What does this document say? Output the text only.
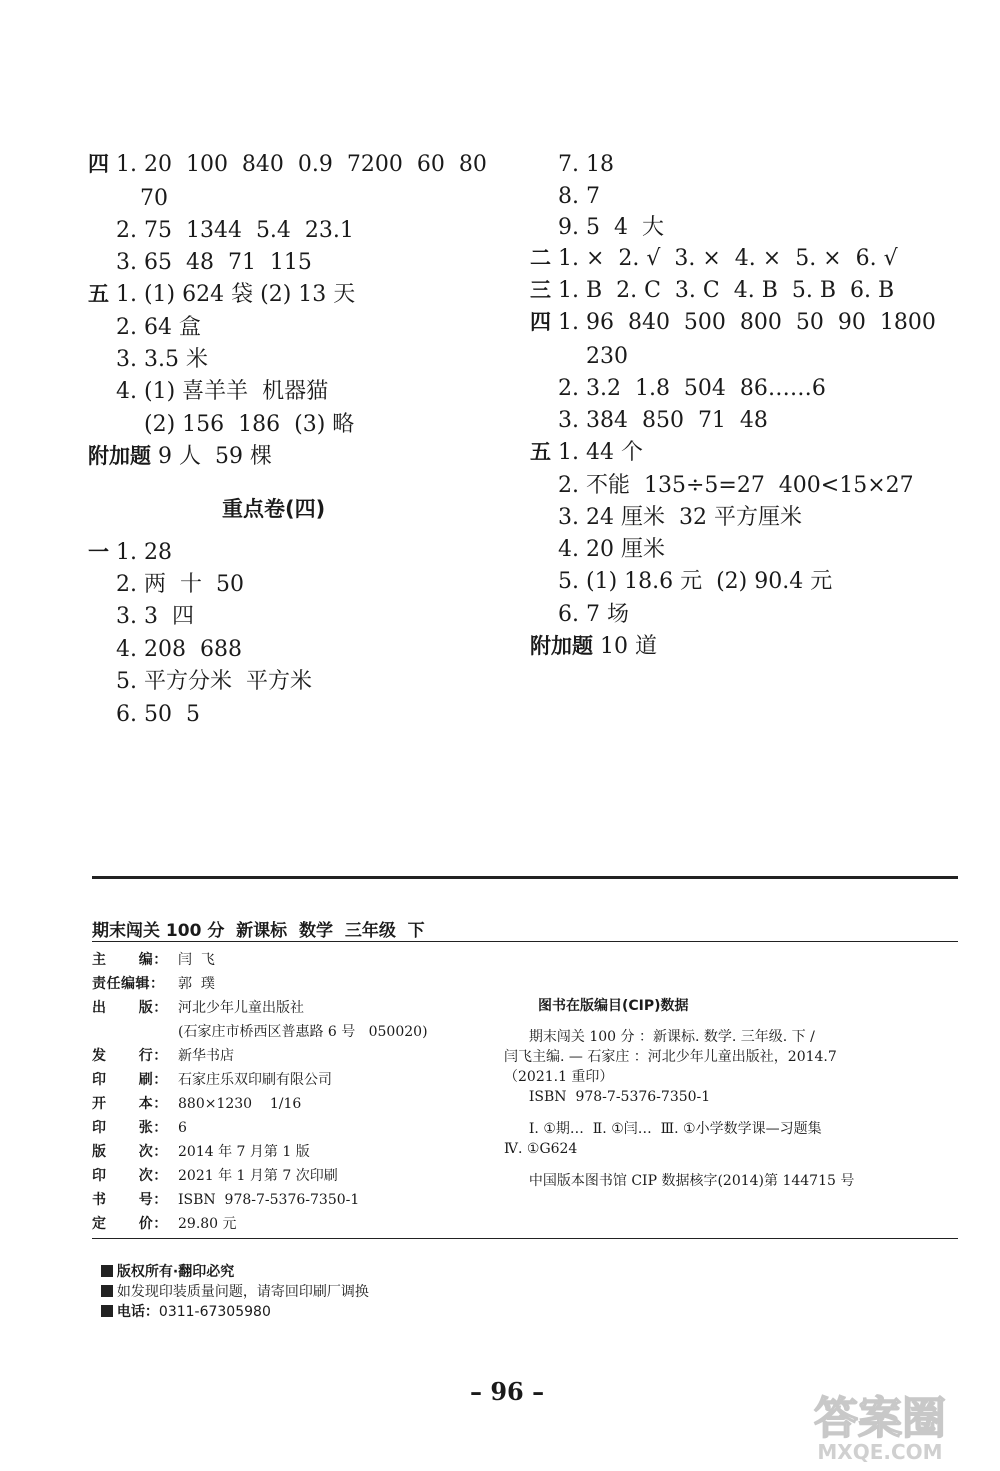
四 1. 20  100  840  0.9  7200  60  80
70
2. 75  1344  5.4  23.1
3. 65  48  71  115
五 1. (1) 624 袋 (2) 13 天
2. 64 盒
3. 3.5 米
4. (1) 喜羊羊  机器猫
(2) 156  186  (3) 略
附加题 9 人  59 棵
重点卷(四)
一 1. 28
2. 两  十  50
3. 3  四
4. 208  688
5. 平方分米  平方米
6. 50  5
7. 18
8. 7
9. 5  4  大
二 1. ×  2. √  3. ×  4. ×  5. ×  6. √
三 1. B  2. C  3. C  4. B  5. B  6. B
四 1. 96  840  500  800  50  90  1800
230
2. 3.2  1.8  504  86……6
3. 384  850  71  48
五 1. 44 个
2. 不能  135÷5=27  400<15×27
3. 24 厘米  32 平方厘米
4. 20 厘米
5. (1) 18.6 元  (2) 90.4 元
6. 7 场
附加题 10 道
期末闯关 100 分  新课标  数学  三年级  下
主      编： 闫  飞
责任编辑： 郭  璞
出      版： 河北少年儿童出版社
(石家庄市桥西区普惠路 6 号   050020)
发      行： 新华书店
印      刷： 石家庄乐双印刷有限公司
开      本： 880×1230    1/16
印      张： 6
版      次： 2014 年 7 月第 1 版
印      次： 2021 年 1 月第 7 次印刷
书      号： ISBN  978-7-5376-7350-1
定      价： 29.80 元
图书在版编目(CIP)数据
期末闯关 100 分 ：新课标. 数学. 三年级. 下 /
闫飞主编. — 石家庄 ：河北少年儿童出版社，2014.7
（2021.1 重印）
ISBN  978-7-5376-7350-1
Ⅰ. ①期…  Ⅱ. ①闫…  Ⅲ. ①小学数学课—习题集
Ⅳ. ①G624
中国版本图书馆 CIP 数据核字(2014)第 144715 号

版权所有·翻印必究
如发现印装质量问题，请寄回印刷厂调换
电话：0311-67305980

– 96 –
答案圈
MXQE.COM
